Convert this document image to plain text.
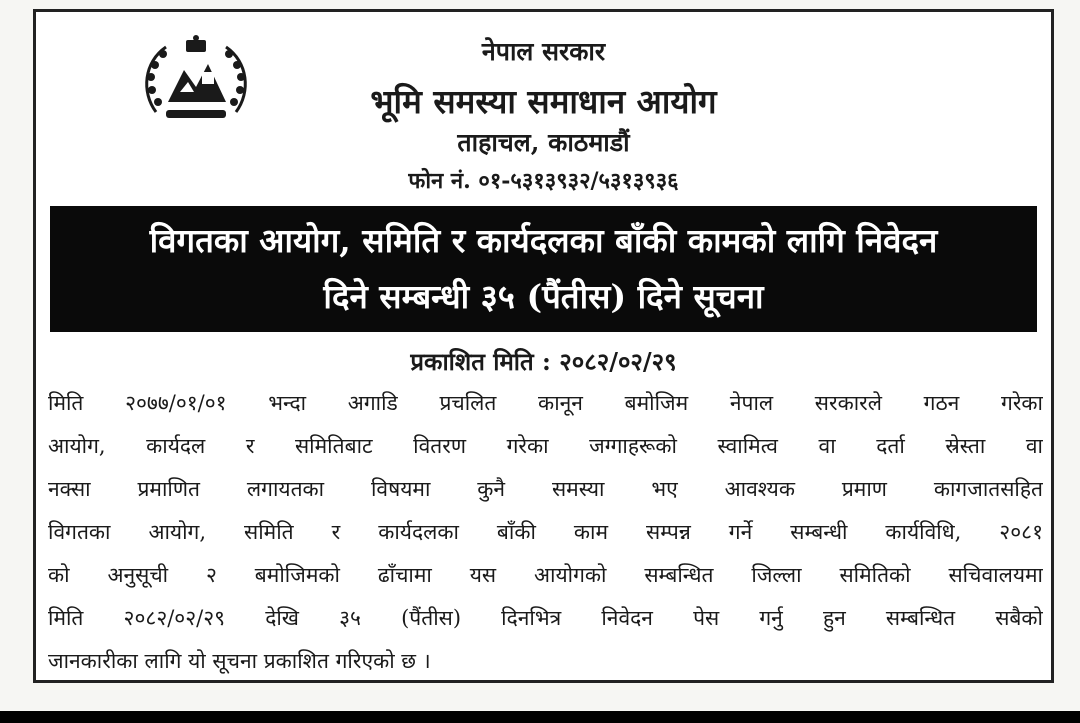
नेपाल सरकार
भूमि समस्या समाधान आयोग
ताहाचल, काठमाडौं
फोन नं. ०१-५३१३९३२/५३१३९३६
विगतका आयोग, समिति र कार्यदलका बाँकी कामको लागि निवेदन
दिने सम्बन्धी ३५ (पैंतीस) दिने सूचना
प्रकाशित मिति : २०८२/०२/२९
मिति २०७७/०१/०१ भन्दा अगाडि प्रचलित कानून बमोजिम नेपाल सरकारले गठन गरेका
आयोग, कार्यदल र समितिबाट वितरण गरेका जग्गाहरूको स्वामित्व वा दर्ता स्रेस्ता वा
नक्सा प्रमाणित लगायतका विषयमा कुनै समस्या भए आवश्यक प्रमाण कागजातसहित
विगतका आयोग, समिति र कार्यदलका बाँकी काम सम्पन्न गर्ने सम्बन्धी कार्यविधि, २०८१
को अनुसूची २ बमोजिमको ढाँचामा यस आयोगको सम्बन्धित जिल्ला समितिको सचिवालयमा
मिति २०८२/०२/२९ देखि ३५ (पैंतीस) दिनभित्र निवेदन पेस गर्नु हुन सम्बन्धित सबैको
जानकारीका लागि यो सूचना प्रकाशित गरिएको छ ।
